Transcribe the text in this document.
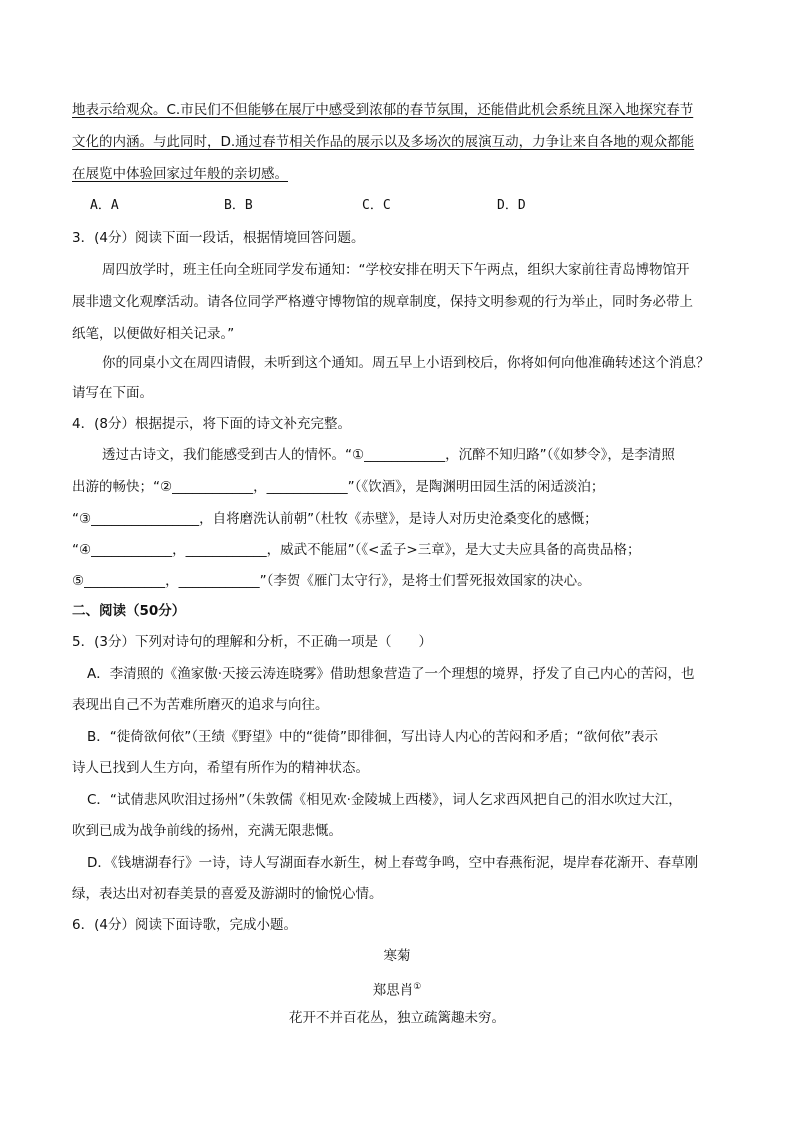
地表示给观众。C.市民们不但能够在展厅中感受到浓郁的春节氛围，还能借此机会系统且深入地探究春节
文化的内涵。与此同时，D.通过春节相关作品的展示以及多场次的展演互动，力争让来自各地的观众都能
在展览中体验回家过年般的亲切感。
A．A	B．B	C．C	D．D
3．(4分）阅读下面一段话，根据情境回答问题。
周四放学时，班主任向全班同学发布通知：“学校安排在明天下午两点，组织大家前往青岛博物馆开
展非遗文化观摩活动。请各位同学严格遵守博物馆的规章制度，保持文明参观的行为举止，同时务必带上
纸笔，以便做好相关记录。”
你的同桌小文在周四请假，未听到这个通知。周五早上小语到校后，你将如何向他准确转述这个消息？
请写在下面。
4．(8分）根据提示，将下面的诗文补充完整。
透过古诗文，我们能感受到古人的情怀。“①____________，沉醉不知归路”（《如梦令》，是李清照
出游的畅快；“②____________，____________”（《饮酒》，是陶渊明田园生活的闲适淡泊；
“③________________，自将磨洗认前朝”（杜牧《赤壁》，是诗人对历史沧桑变化的感慨；
“④____________，____________，威武不能屈”（《<孟子>三章》，是大丈夫应具备的高贵品格；
⑤____________，____________”（李贺《雁门太守行》，是将士们誓死报效国家的决心。
二、阅读（50分）
5．(3分）下列对诗句的理解和分析，不正确一项是（　　）
A．李清照的《渔家傲·天接云涛连晓雾》借助想象营造了一个理想的境界，抒发了自己内心的苦闷，也
表现出自己不为苦难所磨灭的追求与向往。
B．“徙倚欲何依”（王绩《野望》中的“徙倚”即徘徊，写出诗人内心的苦闷和矛盾；“欲何依”表示
诗人已找到人生方向，希望有所作为的精神状态。
C．“试倩悲风吹泪过扬州”（朱敦儒《相见欢·金陵城上西楼》，词人乞求西风把自己的泪水吹过大江，
吹到已成为战争前线的扬州，充满无限悲慨。
D．《钱塘湖春行》一诗，诗人写湖面春水新生，树上春莺争鸣，空中春燕衔泥，堤岸春花渐开、春草刚
绿，表达出对初春美景的喜爱及游湖时的愉悦心情。
6．(4分）阅读下面诗歌，完成小题。
寒菊
郑思肖①
花开不并百花丛，独立疏篱趣未穷。
